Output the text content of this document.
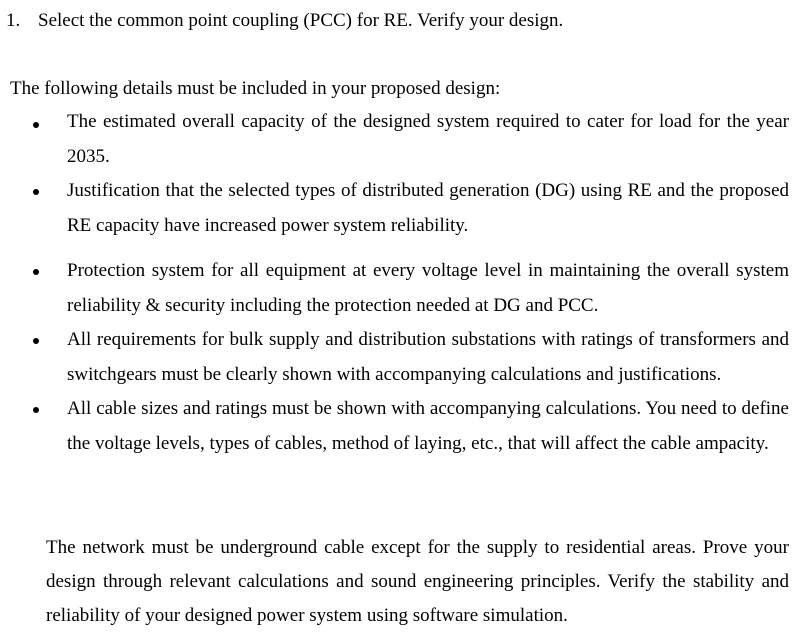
1. Select the common point coupling (PCC) for RE. Verify your design.
The following details must be included in your proposed design:
The estimated overall capacity of the designed system required to cater for load for the year 2035.
Justification that the selected types of distributed generation (DG) using RE and the proposed RE capacity have increased power system reliability.
Protection system for all equipment at every voltage level in maintaining the overall system reliability & security including the protection needed at DG and PCC.
All requirements for bulk supply and distribution substations with ratings of transformers and switchgears must be clearly shown with accompanying calculations and justifications.
All cable sizes and ratings must be shown with accompanying calculations. You need to define the voltage levels, types of cables, method of laying, etc., that will affect the cable ampacity.
The network must be underground cable except for the supply to residential areas. Prove your design through relevant calculations and sound engineering principles. Verify the stability and reliability of your designed power system using software simulation.
